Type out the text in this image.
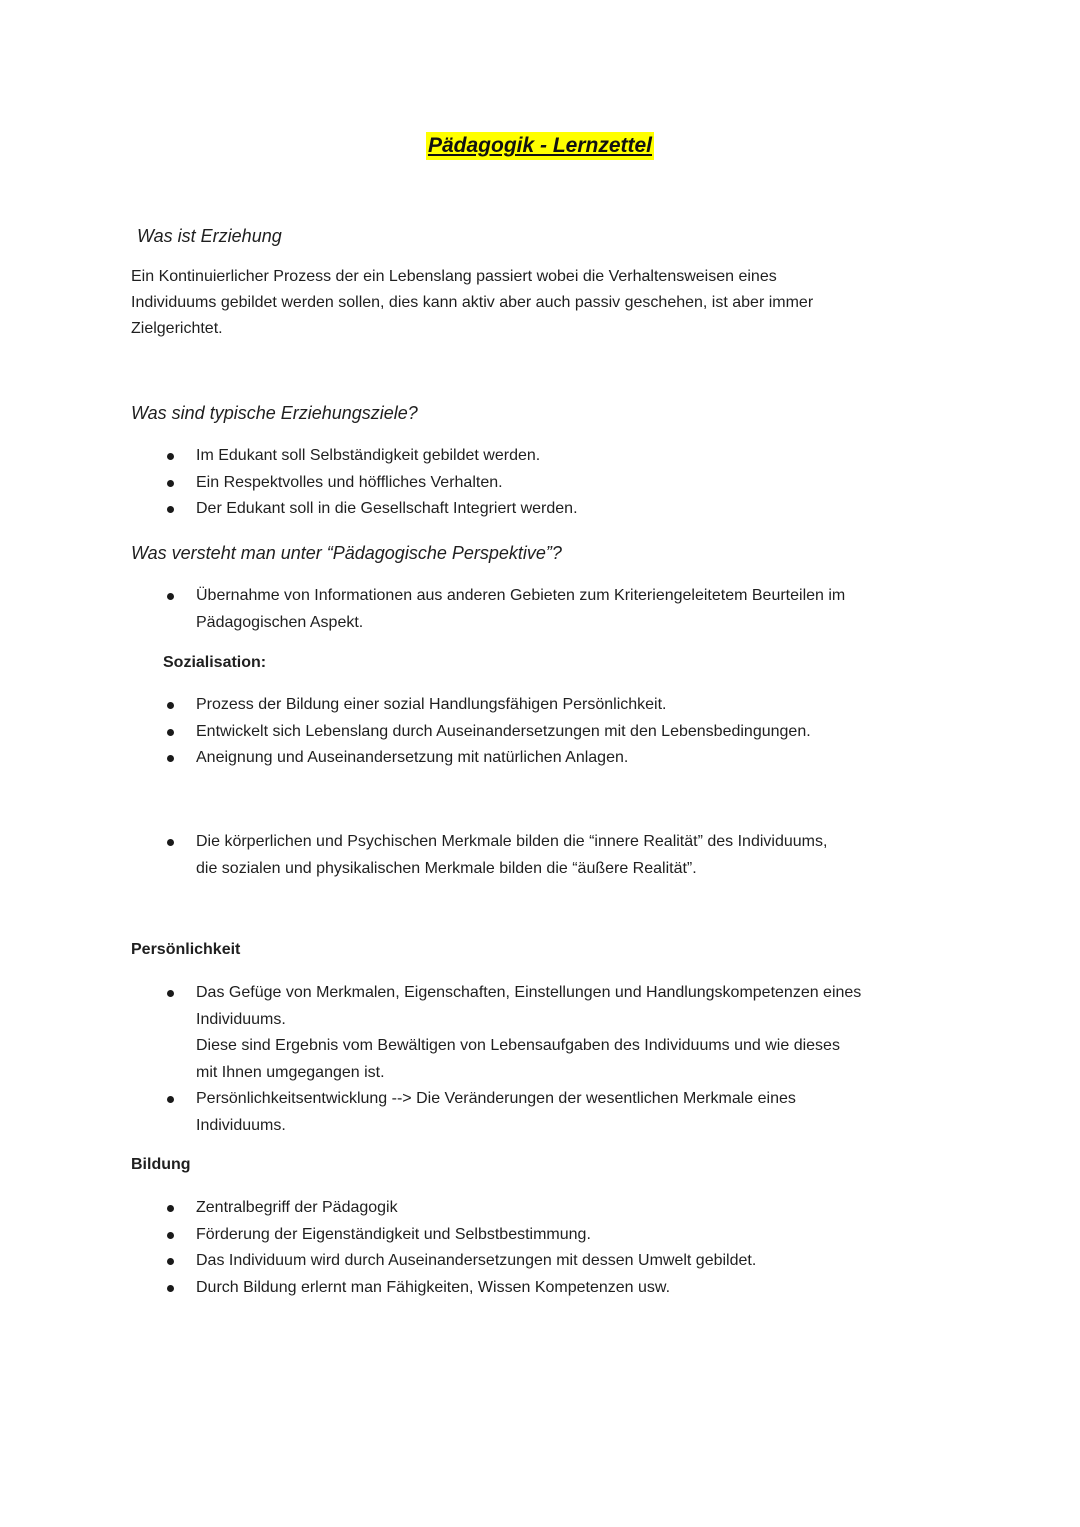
Pädagogik - Lernzettel
Was ist Erziehung

Ein Kontinuierlicher Prozess der ein Lebenslang passiert wobei die Verhaltensweisen eines
Individuums gebildet werden sollen, dies kann aktiv aber auch passiv geschehen, ist aber immer
Zielgerichtet.

Was sind typische Erziehungsziele?
Im Edukant soll Selbständigkeit gebildet werden.
Ein Respektvolles und höffliches Verhalten.
Der Edukant soll in die Gesellschaft Integriert werden.
Was versteht man unter “Pädagogische Perspektive”?
Übernahme von Informationen aus anderen Gebieten zum Kriteriengeleitetem Beurteilen im
Pädagogischen Aspekt.
Sozialisation:
Prozess der Bildung einer sozial Handlungsfähigen Persönlichkeit.
Entwickelt sich Lebenslang durch Auseinandersetzungen mit den Lebensbedingungen.
Aneignung und Auseinandersetzung mit natürlichen Anlagen.
Die körperlichen und Psychischen Merkmale bilden die “innere Realität” des Individuums,
die sozialen und physikalischen Merkmale bilden die “äußere Realität”.
Persönlichkeit
Das Gefüge von Merkmalen, Eigenschaften, Einstellungen und Handlungskompetenzen eines
Individuums.
Diese sind Ergebnis vom Bewältigen von Lebensaufgaben des Individuums und wie dieses
mit Ihnen umgegangen ist.
Persönlichkeitsentwicklung --> Die Veränderungen der wesentlichen Merkmale eines
Individuums.
Bildung
Zentralbegriff der Pädagogik
Förderung der Eigenständigkeit und Selbstbestimmung.
Das Individuum wird durch Auseinandersetzungen mit dessen Umwelt gebildet.
Durch Bildung erlernt man Fähigkeiten, Wissen Kompetenzen usw.
